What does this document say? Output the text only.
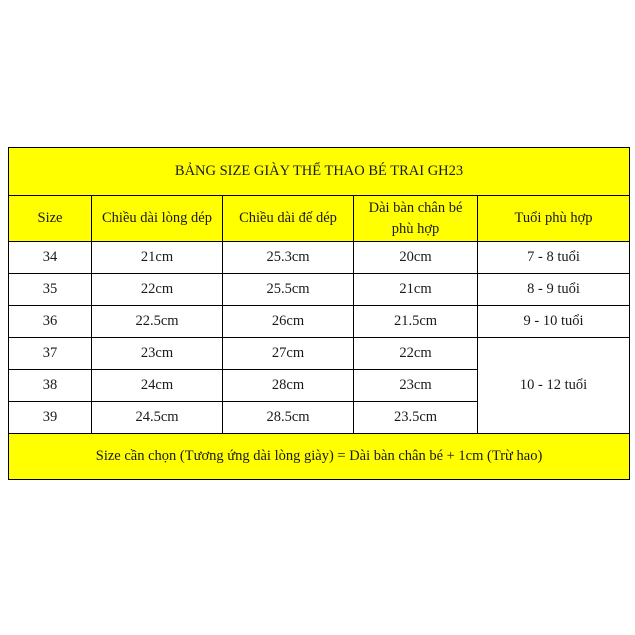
BẢNG SIZE GIÀY THỂ THAO BÉ TRAI GH23				
Size	Chiều dài lòng dép	Chiều dài đế dép	Dài bàn chân bé phù hợp	Tuổi phù hợp
34	21cm	25.3cm	20cm	7 - 8 tuổi
35	22cm	25.5cm	21cm	8 - 9 tuổi
36	22.5cm	26cm	21.5cm	9 - 10 tuổi
37	23cm	27cm	22cm	10 - 12 tuổi
38	24cm	28cm	23cm	
39	24.5cm	28.5cm	23.5cm	
Size cần chọn (Tương ứng dài lòng giày) = Dài bàn chân bé + 1cm (Trừ hao)				
